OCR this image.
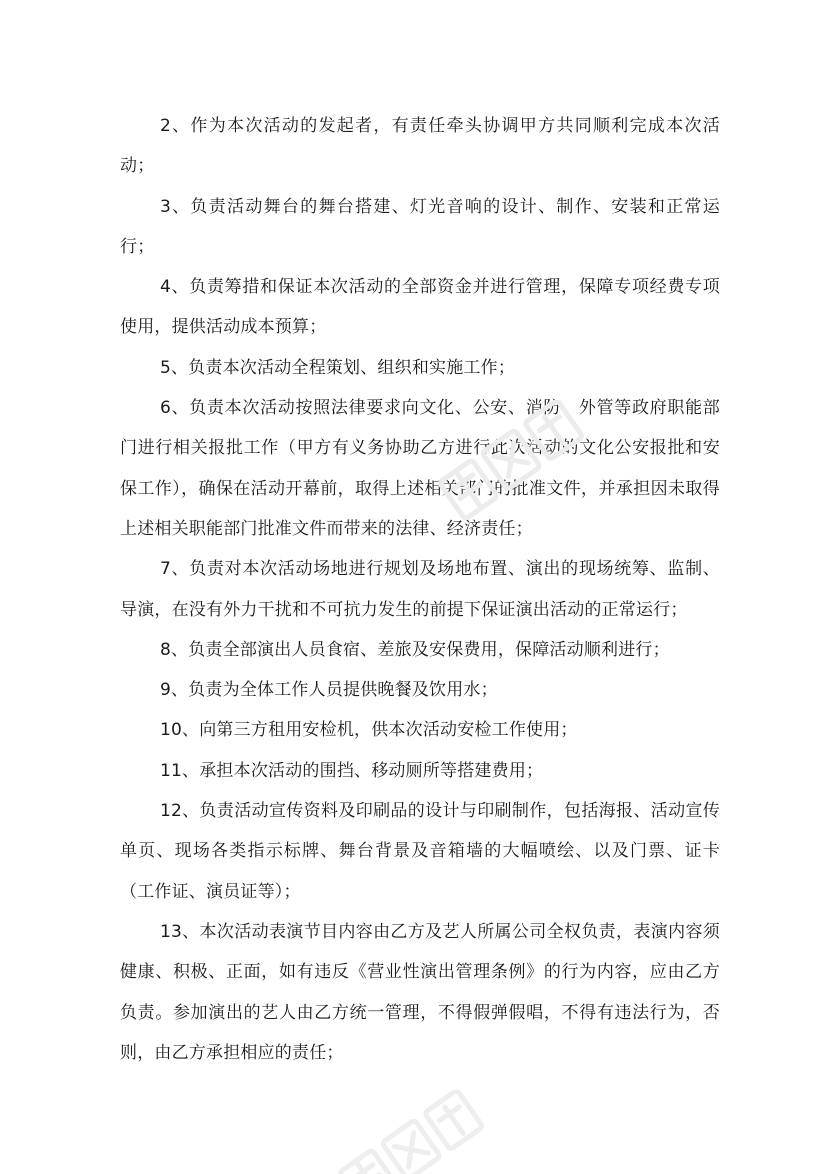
2、作为本次活动的发起者，有责任牵头协调甲方共同顺利完成本次活动；

3、负责活动舞台的舞台搭建、灯光音响的设计、制作、安装和正常运行；

4、负责筹措和保证本次活动的全部资金并进行管理，保障专项经费专项使用，提供活动成本预算；

5、负责本次活动全程策划、组织和实施工作；

6、负责本次活动按照法律要求向文化、公安、消防、外管等政府职能部门进行相关报批工作（甲方有义务协助乙方进行此次活动的文化公安报批和安保工作），确保在活动开幕前，取得上述相关部门的批准文件，并承担因未取得上述相关职能部门批准文件而带来的法律、经济责任；

7、负责对本次活动场地进行规划及场地布置、演出的现场统筹、监制、导演，在没有外力干扰和不可抗力发生的前提下保证演出活动的正常运行；

8、负责全部演出人员食宿、差旅及安保费用，保障活动顺利进行；

9、负责为全体工作人员提供晚餐及饮用水；

10、向第三方租用安检机，供本次活动安检工作使用；

11、承担本次活动的围挡、移动厕所等搭建费用；

12、负责活动宣传资料及印刷品的设计与印刷制作，包括海报、活动宣传单页、现场各类指示标牌、舞台背景及音箱墙的大幅喷绘、以及门票、证卡（工作证、演员证等）；

13、本次活动表演节目内容由乙方及艺人所属公司全权负责，表演内容须健康、积极、正面，如有违反《营业性演出管理条例》的行为内容，应由乙方负责。参加演出的艺人由乙方统一管理，不得假弹假唱，不得有违法行为，否则，由乙方承担相应的责任；
